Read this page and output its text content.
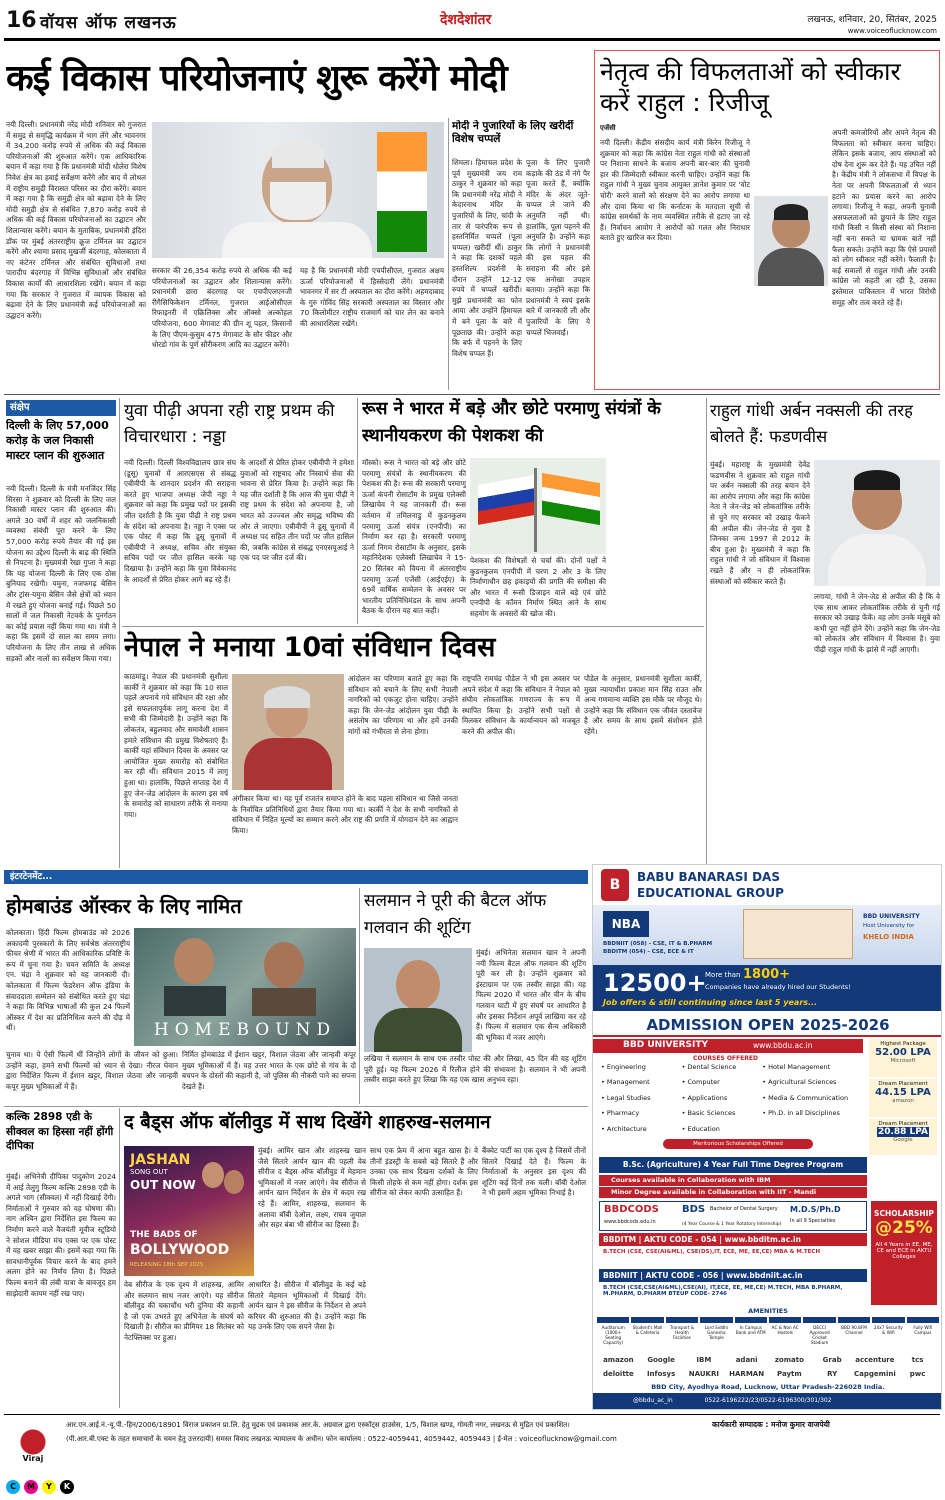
16 वॉयस ऑफ लखनऊ	देशदेशांतर	लखनऊ, शनिवार, 20, सितंबर, 2025
www.voiceoflucknow.com
कई विकास परियोजनाएं शुरू करेंगे मोदी
नयी दिल्ली। प्रधानमंत्री नरेंद्र मोदी शनिवार को गुजरात में समुद्र से समृद्धि कार्यक्रम में भाग लेंगे और भावनगर में 34,200 करोड़ रुपये से अधिक की कई विकास परियोजनाओं की शुरुआत करेंगे। एक आधिकारिक बयान में कहा गया है कि प्रधानमंत्री मोदी धोलेरा विशेष निवेश क्षेत्र का हवाई सर्वेक्षण करेंगे और बाद में लोथल में राष्ट्रीय समुद्री विरासत परिसर का दौरा करेंगे। बयान में कहा गया है कि समुद्री क्षेत्र को बढ़ावा देने के लिए मोदी समुद्री क्षेत्र से संबंधित 7,870 करोड़ रुपये से अधिक की कई विकास परियोजनाओं का उद्घाटन और शिलान्यास करेंगे। बयान के मुताबिक, प्रधानमंत्री इंदिरा डॉक पर मुंबई अंतरराष्ट्रीय क्रूज टर्मिनल का उद्घाटन करेंगे और श्यामा प्रसाद मुखर्जी बंदरगाह, कोलकाता में नए कंटेनर टर्मिनल और संबंधित सुविधाओं तथा पारादीप बंदरगाह में विभिन्न सुविधाओं और संबंधित विकास कार्यों की आधारशिला रखेंगे। बयान में कहा गया कि सरकार ने गुजरात में व्यापक विकास को बढ़ावा देने के लिए प्रधानमंत्री कई परियोजनाओं का उद्घाटन करेंगे।
सरकार की 26,354 करोड़ रुपये से अधिक की कई परियोजनाओं का उद्घाटन और शिलान्यास करेंगे। प्रधानमंत्री छारा बंदरगाह पर एचपीएलएनजी रीगैसिफिकेशन टर्मिनल, गुजरात आईओसीएल रिफाइनरी में एक्रिलिक्स और ऑक्सो अल्कोहल परियोजना, 600 मेगावाट की ग्रीन शू पहल, किसानों के लिए पीएम-कुसुम 475 मेगावाट के सौर फीडर और धोरडो गांव के पूर्ण सौरीकरण आदि का उद्घाटन करेंगे।
यह है कि प्रधानमंत्री मोदी एचपीसीएल, गुजरात अक्षय ऊर्जा परियोजनाओं में हिस्सेदारी लेंगे। प्रधानमंत्री भावनगर में सर टी अस्पताल का दौरा करेंगे। अहमदाबाद के गुरु गोविंद सिंह सरकारी अस्पताल का विस्तार और 70 किलोमीटर राष्ट्रीय राजमार्ग को चार लेन का बनाने की आधारशिला रखेंगे।
मोदी ने पुजारियों के लिए खरीदीं विशेष चप्पलें
शिमला। हिमाचल प्रदेश के पूर्व मुख्यमंत्री जय राम ठाकुर ने शुक्रवार को कहा कि प्रधानमंत्री नरेंद्र मोदी ने केदारनाथ मंदिर के पुजारियों के लिए, चांदी के तार से पारंपरिक रूप से हस्तनिर्मित चप्पलें (पूला चप्पल) खरीदीं थीं। ठाकुर ने कहा कि दशकों पहले हस्तशिल्प प्रदर्शनी के दौरान उन्होंने 12-12 रुपये में चप्पलें खरीदीं। मुझे प्रधानमंत्री का फोन आया और उन्होंने हिमाचल में बने पूला के बारे में पूछताछ की। उन्होंने कहा कि बर्फ में पहनने के लिए विशेष चप्पल हैं।
पूजा के लिए पुजारी कड़ाके की ठंड में नंगे पैर पूजा करते हैं, क्योंकि मंदिर के अंदर जूते-चप्पल ले जाने की अनुमति नहीं थी। हालांकि, पूला पहनने की अनुमति है। उन्होंने कहा कि लोगों ने प्रधानमंत्री की इस पहल की सराहना की और इसे एक अनोखा उपहार बताया। उन्होंने कहा कि प्रधानमंत्री ने स्वयं इसके बारे में जानकारी ली और पुजारियों के लिए ये चप्पलें भिजवाईं।
नेतृत्व की विफलताओं को स्वीकार करें राहुल : रिजीजू
एजेंसी
नयी दिल्ली। केंद्रीय संसदीय कार्य मंत्री किरेन रिजीजू ने शुक्रवार को कहा कि कांग्रेस नेता राहुल गांधी को संस्थाओं पर निशाना साधने के बजाय अपनी बार-बार की चुनावी हार की जिम्मेदारी स्वीकार करनी चाहिए। उन्होंने कहा कि राहुल गांधी ने मुख्य चुनाव आयुक्त ज्ञानेश कुमार पर 'वोट चोरी' करने वालों को संरक्षण देने का आरोप लगाया था और दावा किया था कि कर्नाटक के मतदाता सूची से कांग्रेस समर्थकों के नाम व्यवस्थित तरीके से हटाए जा रहे हैं। निर्वाचन आयोग ने आरोपों को गलत और निराधार बताते हुए खारिज कर दिया।
अपनी कमजोरियों और अपने नेतृत्व की विफलता को स्वीकार करना चाहिए। लेकिन इसके बजाय, आप संस्थाओं को दोष देना शुरू कर देते हैं। यह उचित नहीं है। केंद्रीय मंत्री ने लोकसभा में विपक्ष के नेता पर अपनी विफलताओं से ध्यान हटाने का प्रयास करने का आरोप लगाया। रिजीजू ने कहा, अपनी चुनावी असफलताओं को छुपाने के लिए राहुल गांधी किसी न किसी संस्था को निशाना नहीं बना सकते या भ्रामक बातें नहीं फैला सकते। उन्होंने कहा कि ऐसे प्रयासों को लोग स्वीकार नहीं करेंगे। फैलाती है। कई सवालों से राहुल गांधी और उनकी कांग्रेस जो कहती आ रही है, उसका इस्तेमाल पाकिस्तान में भारत विरोधी समूह और तत्व करते रहे हैं।
संक्षेप
दिल्ली के लिए 57,000 करोड़ के जल निकासी मास्टर प्लान की शुरुआत
नयी दिल्ली। दिल्ली के मंत्री मनजिंदर सिंह सिरसा ने शुक्रवार को दिल्ली के लिए जल निकासी मास्टर प्लान की शुरुआत की। अगले 30 वर्षों में शहर को जलनिकासी व्यवस्था संबंधी पूरा करने के लिए 57,000 करोड़ रुपये तैयार की गई इस योजना का उद्देश्य दिल्ली के बाढ़ की स्थिति से निपटना है। मुख्यमंत्री रेखा गुप्ता ने कहा कि यह योजना दिल्ली के लिए एक ठोस बुनियाद रखेगी। यमुना, नजफगढ़ बेसिन और ट्रांस-यमुना बेसिन जैसे क्षेत्रों को ध्यान में रखते हुए योजना बनाई गई। पिछले 50 सालों में जल निकासी नेटवर्क के पुनर्गठन का कोई प्रयास नहीं किया गया था। मंत्री ने कहा कि इसमें दो साल का समय लगा। परियोजना के लिए तीन लाख से अधिक सड़कों और नालों का सर्वेक्षण किया गया।
युवा पीढ़ी अपना रही राष्ट्र प्रथम की विचारधारा : नड्डा
नयी दिल्ली। दिल्ली विश्वविद्यालय छात्र संघ (डूसू) चुनावों में आरएसएस से संबद्ध एबीवीपी के शानदार प्रदर्शन की सराहना करते हुए भाजपा अध्यक्ष जेपी नड्डा ने शुक्रवार को कहा कि प्रमुख पदों पर इसकी जीत दर्शाती है कि युवा पीढ़ी ने राष्ट्र प्रथम के संदेश को अपनाया है। नड्डा ने एक्स पर एक पोस्ट में कहा कि डूसू चुनावों में एबीवीपी ने अध्यक्ष, सचिव और संयुक्त सचिव पदों पर जीत हासिल करके यह दिखाया है। उन्होंने कहा कि युवा विवेकानंद के आदर्शों से प्रेरित होकर आगे बढ़ रहे हैं।
के आदर्शों से प्रेरित होकर एबीवीपी ने हमेशा युवाओं को राष्ट्रवाद और निस्वार्थ सेवा की भावना से प्रेरित किया है। उन्होंने कहा कि यह जीत दर्शाती है कि आज की युवा पीढ़ी ने राष्ट्र प्रथम के संदेश को अपनाया है, जो भारत को उज्ज्वल और समृद्ध भविष्य की ओर ले जाएगा। एबीवीपी ने डूसू चुनावों में अध्यक्ष पद सहित तीन पदों पर जीत हासिल की, जबकि कांग्रेस से संबद्ध एनएसयूआई ने एक पद पर जीत दर्ज की।
रूस ने भारत में बड़े और छोटे परमाणु संयंत्रों के स्थानीयकरण की पेशकश की
मॉस्को। रूस ने भारत को बड़े और छोटे परमाणु संयंत्रों के स्थानीयकरण की पेशकश की है। रूस की सरकारी परमाणु ऊर्जा कंपनी रोसाटॉम के प्रमुख एलेक्सी लिखाचेव ने यह जानकारी दी। रूस वर्तमान में तमिलनाडु में कुडनकुलम परमाणु ऊर्जा संयंत्र (एनपीपी) का निर्माण कर रहा है। सरकारी परमाणु ऊर्जा निगम रोसाटॉम के अनुसार, इसके महानिदेशक एलेक्सी लिखाचेव ने 15-20 सितंबर को वियना में अंतरराष्ट्रीय परमाणु ऊर्जा एजेंसी (आईएईए) के 69वें वार्षिक सम्मेलन के अवसर पर भारतीय प्रतिनिधिमंडल के साथ अपनी बैठक के दौरान यह बात कही।
पेशकश की विशेषज्ञों से चर्चा की। दोनों पक्षों ने कुडनकुलम एनपीपी में चरण 2 और 3 के लिए निर्माणाधीन छह इकाइयों की प्रगति की समीक्षा की और भारत में रूसी डिजाइन वाले बड़े एवं छोटे एनपीपी के कॉमन निर्माण स्थित आने के साथ सहयोग के अवसरों की खोज की।
राहुल गांधी अर्बन नक्सली की तरह बोलते हैं: फडणवीस
मुंबई। महाराष्ट्र के मुख्यमंत्री देवेंद्र फडणवीस ने शुक्रवार को राहुल गांधी पर अर्बन नक्सली की तरह बयान देने का आरोप लगाया और कहा कि कांग्रेस नेता ने जेन-जेड को लोकतांत्रिक तरीके से चुने गए सरकार को उखाड़ फेंकने की अपील की। जेन-जेड से युवा है जिनका जन्म 1997 से 2012 के बीच हुआ है। मुख्यमंत्री ने कहा कि राहुल गांधी ने जो संविधान में विश्वास रखते हैं और न ही लोकतांत्रिक संस्थाओं को स्वीकार करते हैं।
लगाया, गांधी ने जेन-जेड से अपील की है कि वे एक साथ आकर लोकतांत्रिक तरीके से चुनी गई सरकार को उखाड़ फेंकें। वह लोग उनके मंसूबे को कभी पूरा नहीं होने देंगे। उन्होंने कहा कि जेन-जेड को लोकतंत्र और संविधान में विश्वास है। युवा पीढ़ी राहुल गांधी के झांसे में नहीं आएगी।
नेपाल ने मनाया 10वां संविधान दिवस
काठमांडू। नेपाल की प्रधानमंत्री सुशीला कार्की ने शुक्रवार को कहा कि 10 साल पहले अपनाये गये संविधान की रक्षा और इसे सफलतापूर्वक लागू करना देश में सभी की जिम्मेदारी है। उन्होंने कहा कि लोकतंत्र, बहुलवाद और समावेशी शासन हमारे संविधान की प्रमुख विशेषताएं हैं। कार्की यहां संविधान दिवस के अवसर पर आयोजित मुख्य समारोह को संबोधित कर रही थीं। संविधान 2015 में लागू हुआ था। हालांकि, पिछले सप्ताह देश में हुए जेन-जेड आंदोलन के कारण इस वर्ष के समारोह को साधारण तरीके से मनाया गया।
अंगीकार किया था। यह पूर्व राजतंत्र समाप्त होने के बाद पहला संविधान था जिसे जनता के निर्वाचित प्रतिनिधियों द्वारा तैयार किया गया था। कार्की ने देश के सभी नागरिकों से संविधान में निहित मूल्यों का सम्मान करने और राष्ट्र की प्रगति में योगदान देने का आह्वान किया।
आंदोलन का परिणाम बताते हुए कहा कि संविधान को बचाने के लिए सभी नेपाली नागरिकों को एकजुट होना चाहिए। उन्होंने कहा कि जेन-जेड आंदोलन युवा पीढ़ी के असंतोष का परिणाम था और हमें उनकी मांगों को गंभीरता से लेना होगा।
राष्ट्रपति रामचंद्र पौडेल ने भी इस अवसर पर अपने संदेश में कहा कि संविधान ने नेपाल को संघीय लोकतांत्रिक गणराज्य के रूप में स्थापित किया है। उन्होंने सभी पक्षों से मिलकर संविधान के कार्यान्वयन को मजबूत करने की अपील की।
पौडेल के अनुसार, प्रधानमंत्री सुशीला कार्की, मुख्य न्यायाधीश प्रकाश मान सिंह राउत और अन्य गणमान्य व्यक्ति इस मौके पर मौजूद थे। उन्होंने कहा कि संविधान एक जीवंत दस्तावेज है और समय के साथ इसमें संशोधन होते रहेंगे।
इंटरटेनमेंट...
होमबाउंड ऑस्कर के लिए नामित
कोलकाता। हिंदी फिल्म होमबाउंड को 2026 अकादमी पुरस्कारों के लिए सर्वश्रेष्ठ अंतरराष्ट्रीय फीचर श्रेणी में भारत की आधिकारिक प्रविष्टि के रूप में चुना गया है। चयन समिति के अध्यक्ष एन. चंद्रा ने शुक्रवार को यह जानकारी दी। कोलकाता में फिल्म फेडरेशन ऑफ इंडिया के संवाददाता सम्मेलन को संबोधित करते हुए चंद्रा ने कहा कि विभिन्न भाषाओं की कुल 24 फिल्में ऑस्कर में देश का प्रतिनिधित्व करने की दौड़ में थीं।	HOMEBOUND
चुनाव था। ये ऐसी फिल्में थीं जिन्होंने लोगों के जीवन को छुआ। उन्होंने कहा, हमने सभी फिल्मों को ध्यान से देखा। नीरज घेवान द्वारा निर्देशित फिल्म में ईशान खट्टर, विशाल जेठवा और जान्हवी कपूर मुख्य भूमिकाओं में हैं।
निर्मित होमबाउंड में ईशान खट्टर, विशाल जेठवा और जान्हवी कपूर मुख्य भूमिकाओं में हैं। यह उत्तर भारत के एक छोटे से गांव के दो बचपन के दोस्तों की कहानी है, जो पुलिस की नौकरी पाने का सपना देखते हैं।
सलमान ने पूरी की बैटल ऑफ गलवान की शूटिंग
मुंबई। अभिनेता सलमान खान ने अपनी नयी फिल्म बैटल ऑफ गलवान की शूटिंग पूरी कर ली है। उन्होंने शुक्रवार को इंस्टाग्राम पर एक तस्वीर साझा की। यह फिल्म 2020 में भारत और चीन के बीच गलवान घाटी में हुए संघर्ष पर आधारित है और इसका निर्देशन अपूर्व लाखिया कर रहे हैं। फिल्म में सलमान एक सैन्य अधिकारी की भूमिका में नजर आएंगे।
लखिया ने सलमान के साथ एक तस्वीर पोस्ट की और लिखा, 45 दिन की यह शूटिंग पूरी हुई। यह फिल्म 2026 में रिलीज होने की संभावना है। सलमान ने भी अपनी तस्वीर साझा करते हुए लिखा कि यह एक खास अनुभव रहा।
कल्कि 2898 एडी के सीक्वल का हिस्सा नहीं होंगी दीपिका
मुंबई। अभिनेत्री दीपिका पादुकोण 2024 में आई तेलुगु फिल्म कल्कि 2898 एडी के अगले भाग (सीक्वल) में नहीं दिखाई देंगी। निर्माताओं ने गुरुवार को यह घोषणा की। नाग अश्विन द्वारा निर्देशित इस फिल्म का निर्माण करने वाले वैजयंती मूवीज स्टूडियो ने सोशल मीडिया मंच एक्स पर एक पोस्ट में यह खबर साझा की। इसमें कहा गया कि सावधानीपूर्वक विचार करने के बाद हमने अलग होने का निर्णय लिया है। पिछले फिल्म बनाने की लंबी यात्रा के बावजूद हम साझेदारी कायम नहीं रख पाए।
द बैड्स ऑफ बॉलीवुड में साथ दिखेंगे शाहरुख-सलमान
JASHAN
SONG OUT
OUT NOW
THE BADS OF
BOLLYWOOD
RELEASING 18th SEP 2025
मुंबई। आमिर खान और शाहरुख खान जैसे सितारे आर्यन खान की पहली वेब सीरीज द बैड्स ऑफ बॉलीवुड में मेहमान भूमिकाओं में नजर आएंगे। वेब सीरीज से आर्यन खान निर्देशन के क्षेत्र में कदम रख रहे हैं। आमिर, शाहरुख, सलमान के अलावा बॉबी देओल, लक्ष्य, राघव जुयाल और सहर बंबा भी सीरीज का हिस्सा हैं।
वेब सीरीज के एक दृश्य में शाहरुख, आमिर और सलमान साथ नजर आएंगे। यह सीरीज बॉलीवुड की चकाचौंध भरी दुनिया की कहानी है जो एक उभरते हुए अभिनेता के संघर्ष को दिखाती है। सीरीज का प्रीमियर 18 सितंबर को नेटफ्लिक्स पर हुआ।
आधारित है। सीरीज में बॉलीवुड के कई बड़े सितारे मेहमान भूमिकाओं में दिखाई देंगे। आर्यन खान ने इस सीरीज के निर्देशन से अपने करियर की शुरुआत की है। उन्होंने कहा कि यह उनके लिए एक सपने जैसा है।
साथ एक फ्रेम में आना बहुत खास है। वे तीनों इंडस्ट्री के सबसे बड़े सितारे हैं और उनका एक साथ दिखना दर्शकों के लिए किसी तोहफे से कम नहीं होगा। दर्शक इस सीरीज को लेकर काफी उत्साहित हैं।
बैंक्वेट पार्टी का एक दृश्य है जिसमें तीनों सितारे दिखाई देते हैं। फिल्म के निर्माताओं के अनुसार इस दृश्य की शूटिंग कई दिनों तक चली। बॉबी देओल ने भी इसमें अहम भूमिका निभाई है।
B	BABU BANARASI DAS
EDUCATIONAL GROUP
NBA
BBDNIIT (058) - CSE, IT & B.PHARM
BBDITM (054) - CSE, ECE & IT
BBD UNIVERSITY
Host University for
KHELO INDIA
12500+
More than 1800+
Companies have already hired our Students!
Job offers & still continuing since last 5 years...
ADMISSION OPEN 2025-2026
BBD UNIVERSITY	www.bbdu.ac.in
COURSES OFFERED
• Engineering	• Dental Science	• Hotel Management
• Management	• Computer	• Agricultural Sciences
• Legal Studies	• Applications	• Media & Communication
• Pharmacy	• Basic Sciences	• Ph.D. in all Disciplines
• Architecture	• Education
Meritorious Scholarships Offered
Highest Package
52.00 LPA
Microsoft
Dream Placement
44.15 LPA
amazon
Dream Placement
20.88 LPA
Google
B.Sc. (Agriculture) 4 Year Full Time Degree Program
Courses available in Collaboration with IBM
Minor Degree available in Collaboration with IIT - Mandi
BBDCODS
www.bbdcods.edu.in
BDS Bachelor of Dental Surgery
(4 Year Course & 1 Year Rotatory Internship)
M.D.S/Ph.D
In all 9 Specialties
BBDITM | AKTU CODE - 054 | www.bbditm.ac.in
B.TECH (CSE, CSE(AI&ML), CSE(DS),IT, ECE, ME, EE,CE) MBA & M.TECH
BBDNIIT | AKTU CODE - 056 | www.bbdniit.ac.in
B.TECH (CSE,CSE(AI&ML),CSE(AI), IT,ECE, EE, ME,CE) M.TECH, MBA B.PHARM, M.PHARM, D.PHARM BTEUP CODE- 2746
SCHOLARSHIP
@25%
All 4 Years in EE, ME, CE and ECE in AKTU Colleges
AMENITIES
Auditorium (1000+ Seating Capacity)
Student's Mall & Cafeteria
Transport & Health Facilities
Lord Siddhi Ganesha Temple
In Campus Bank and ATM
AC & Non AC Hostels
DECCI Approved Cricket Stadium
BBD 90.8FM Channel
24x7 Security & Wifi
Fully Wifi Campus
amazon	Google	IBM	adani	zomato	Grab	accenture	tcs
deloitte	Infosys	NAUKRI	HARMAN	Paytm	RY	Capgemini	pwc
BBD City, Ayodhya Road, Lucknow, Uttar Pradesh-226028 India.
@bbdu_ac_in	0522-6196222/23/0522-6196300/301/302
Viraj
आर.एन.आई.नं.-यू.पी.-हिन/2006/18901 विराज प्रकाशन प्रा.लि. हेतु मुद्रक एवं प्रकाशक आर.के. अग्रवाल द्वारा एस्कॉट्स हाउसेस, 1/5, विशाल खण्ड, गोमती नगर, लखनऊ से मुद्रित एवं प्रकाशित।	कार्यकारी सम्पादक : मनोज कुमार वाजपेयी
(पी.आर.बी.एक्ट के तहत समाचारों के चयन हेतु उत्तरदायी) समस्त विवाद लखनऊ न्यायालय के अधीन। फोन कार्यालय : 0522-4059441, 4059442, 4059443 | ई-मेल : voiceoflucknow@gmail.com
C	M	Y	K
